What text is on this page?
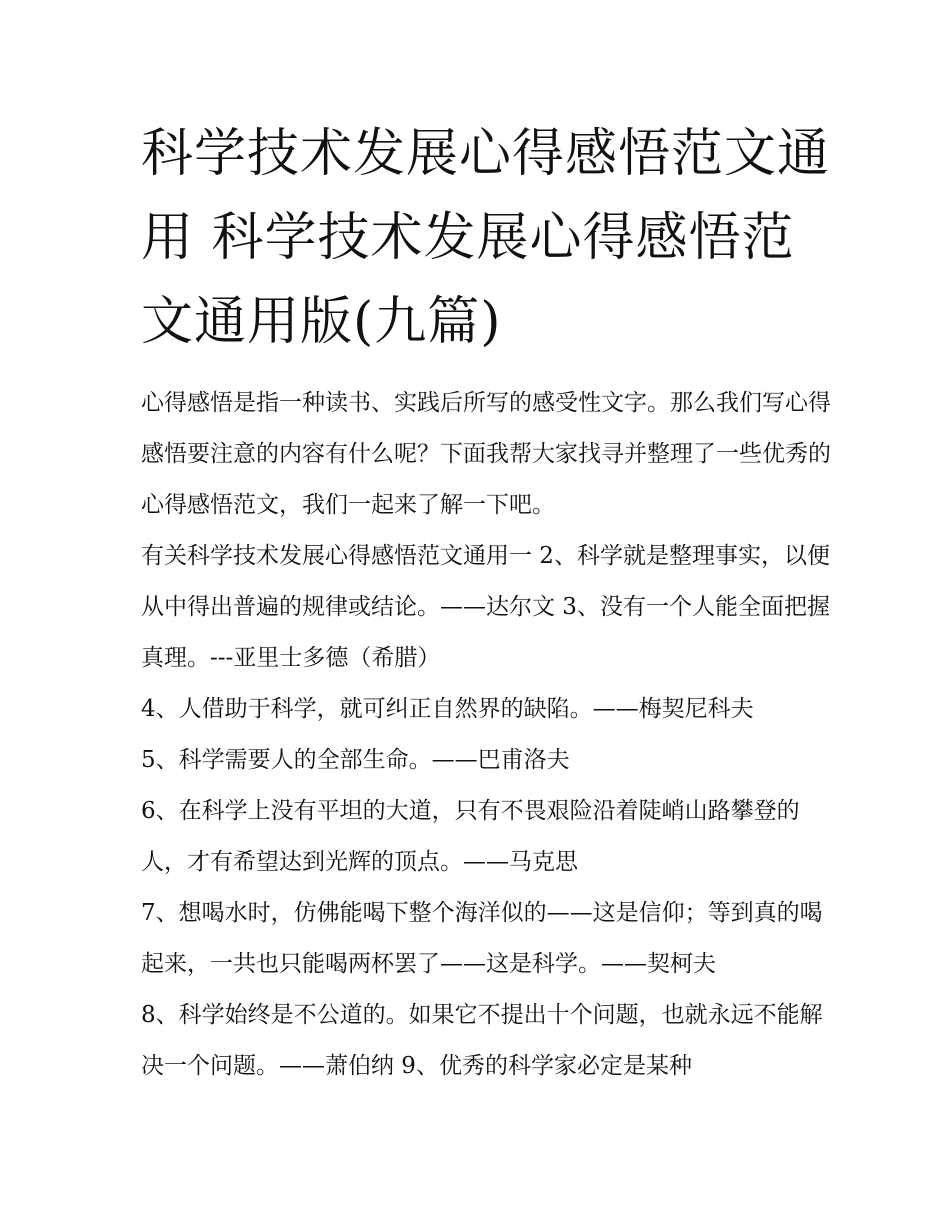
科学技术发展心得感悟范文通用 科学技术发展心得感悟范文通用版(九篇)

心得感悟是指一种读书、实践后所写的感受性文字。那么我们写心得感悟要注意的内容有什么呢？下面我帮大家找寻并整理了一些优秀的心得感悟范文，我们一起来了解一下吧。

有关科学技术发展心得感悟范文通用一 2、科学就是整理事实，以便从中得出普遍的规律或结论。——达尔文 3、没有一个人能全面把握真理。---亚里士多德（希腊）

4、人借助于科学，就可纠正自然界的缺陷。——梅契尼科夫

5、科学需要人的全部生命。——巴甫洛夫

6、在科学上没有平坦的大道，只有不畏艰险沿着陡峭山路攀登的人，才有希望达到光辉的顶点。——马克思

7、想喝水时，仿佛能喝下整个海洋似的——这是信仰；等到真的喝起来，一共也只能喝两杯罢了——这是科学。——契柯夫

8、科学始终是不公道的。如果它不提出十个问题，也就永远不能解决一个问题。——萧伯纳 9、优秀的科学家必定是某种
